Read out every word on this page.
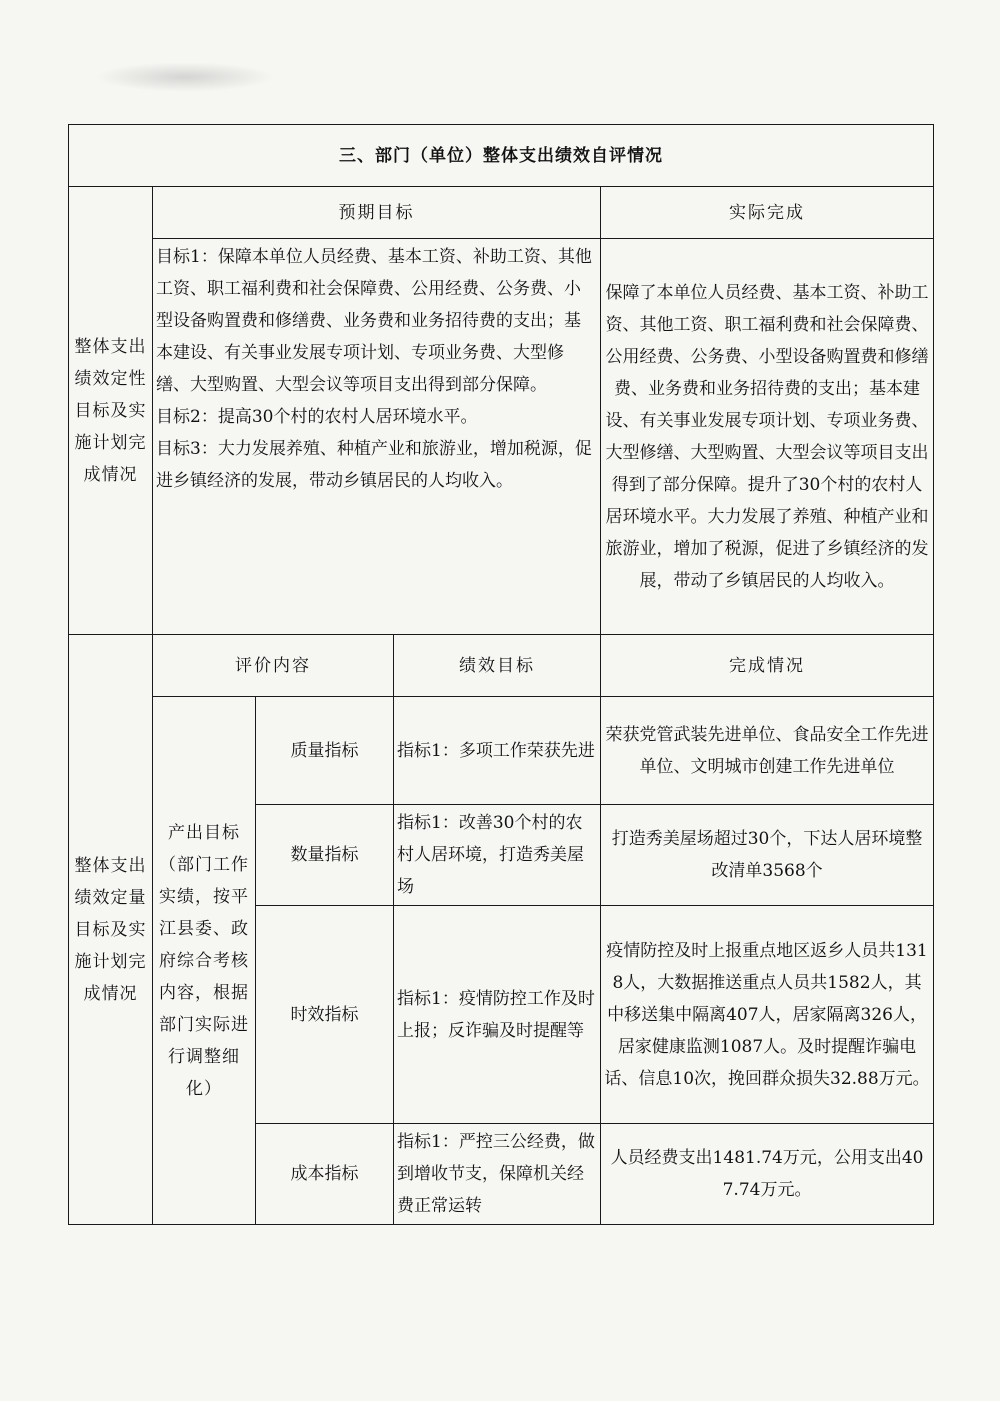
三、部门（单位）整体支出绩效自评情况				
整体支出绩效定性目标及实施计划完成情况	预期目标			实际完成

	目标1：保障本单位人员经费、基本工资、补助工资、其他工资、职工福利费和社会保障费、公用经费、公务费、小型设备购置费和修缮费、业务费和业务招待费的支出；基本建设、有关事业发展专项计划、专项业务费、大型修缮、大型购置、大型会议等项目支出得到部分保障。
目标2：提高30个村的农村人居环境水平。
目标3：大力发展养殖、种植产业和旅游业，增加税源，促进乡镇经济的发展，带动乡镇居民的人均收入。			保障了本单位人员经费、基本工资、补助工资、其他工资、职工福利费和社会保障费、公用经费、公务费、小型设备购置费和修缮费、业务费和业务招待费的支出；基本建设、有关事业发展专项计划、专项业务费、大型修缮、大型购置、大型会议等项目支出得到了部分保障。提升了30个村的农村人居环境水平。大力发展了养殖、种植产业和旅游业，增加了税源，促进了乡镇经济的发展，带动了乡镇居民的人均收入。
整体支出绩效定量目标及实施计划完成情况	评价内容		绩效目标	完成情况
	产出目标（部门工作实绩，按平江县委、政府综合考核内容，根据部门实际进行调整细化）	质量指标	指标1：多项工作荣获先进	荣获党管武装先进单位、食品安全工作先进单位、文明城市创建工作先进单位
		数量指标	指标1：改善30个村的农村人居环境，打造秀美屋场	打造秀美屋场超过30个，下达人居环境整改清单3568个
		时效指标	指标1：疫情防控工作及时上报；反诈骗及时提醒等	疫情防控及时上报重点地区返乡人员共1318人，大数据推送重点人员共1582人，其中移送集中隔离407人，居家隔离326人，居家健康监测1087人。及时提醒诈骗电话、信息10次，挽回群众损失32.88万元。
		成本指标	指标1：严控三公经费，做到增收节支，保障机关经费正常运转	人员经费支出1481.74万元，公用支出407.74万元。
